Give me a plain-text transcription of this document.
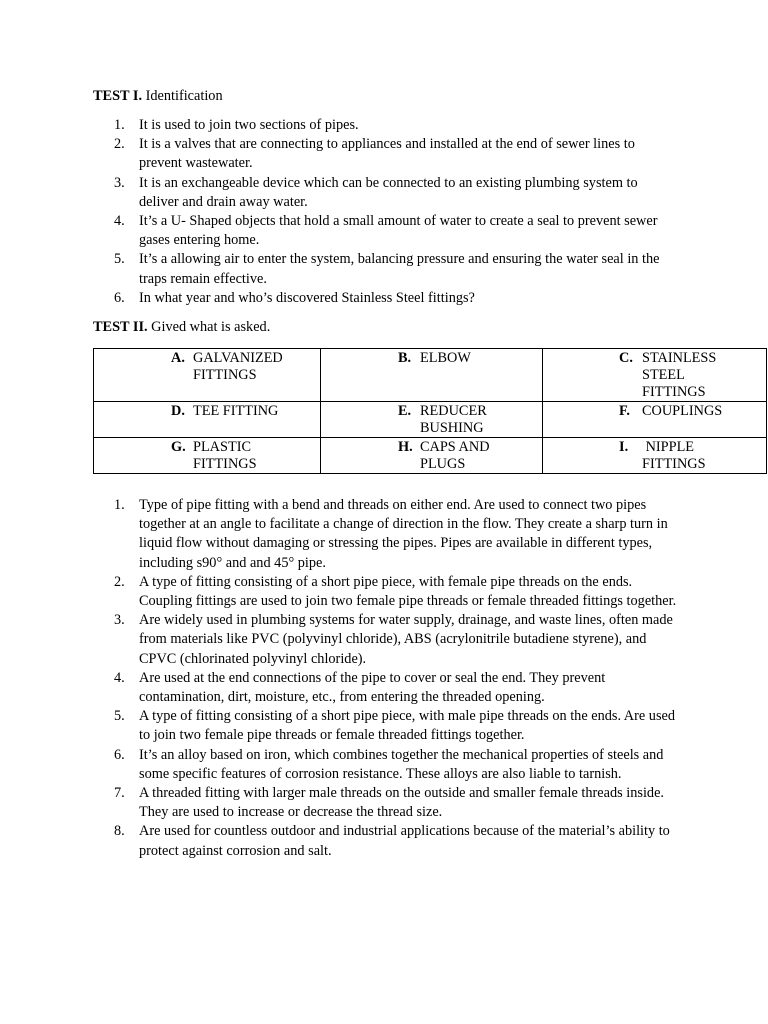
TEST I. Identification
1. It is used to join two sections of pipes.
2. It is a valves that are connecting to appliances and installed at the end of sewer lines to prevent wastewater.
3. It is an exchangeable device which can be connected to an existing plumbing system to deliver and drain away water.
4. It’s a U- Shaped objects that hold a small amount of water to create a seal to prevent sewer gases entering home.
5. It’s a allowing air to enter the system, balancing pressure and ensuring the water seal in the traps remain effective.
6. In what year and who’s discovered Stainless Steel fittings?
TEST II. Gived what is asked.
A. GALVANIZED FITTINGS	B. ELBOW	C. STAINLESS STEEL FITTINGS

D. TEE FITTING	E. REDUCER BUSHING	F. COUPLINGS

G. PLASTIC FITTINGS	H. CAPS AND PLUGS	I. NIPPLE FITTINGS
1. Type of pipe fitting with a bend and threads on either end. Are used to connect two pipes together at an angle to facilitate a change of direction in the flow. They create a sharp turn in liquid flow without damaging or stressing the pipes. Pipes are available in different types, including s90° and and 45° pipe.
2. A type of fitting consisting of a short pipe piece, with female pipe threads on the ends. Coupling fittings are used to join two female pipe threads or female threaded fittings together.
3. Are widely used in plumbing systems for water supply, drainage, and waste lines, often made from materials like PVC (polyvinyl chloride), ABS (acrylonitrile butadiene styrene), and CPVC (chlorinated polyvinyl chloride).
4. Are used at the end connections of the pipe to cover or seal the end. They prevent contamination, dirt, moisture, etc., from entering the threaded opening.
5. A type of fitting consisting of a short pipe piece, with male pipe threads on the ends. Are used to join two female pipe threads or female threaded fittings together.
6. It’s an alloy based on iron, which combines together the mechanical properties of steels and some specific features of corrosion resistance. These alloys are also liable to tarnish.
7. A threaded fitting with larger male threads on the outside and smaller female threads inside. They are used to increase or decrease the thread size.
8. Are used for countless outdoor and industrial applications because of the material’s ability to protect against corrosion and salt.
